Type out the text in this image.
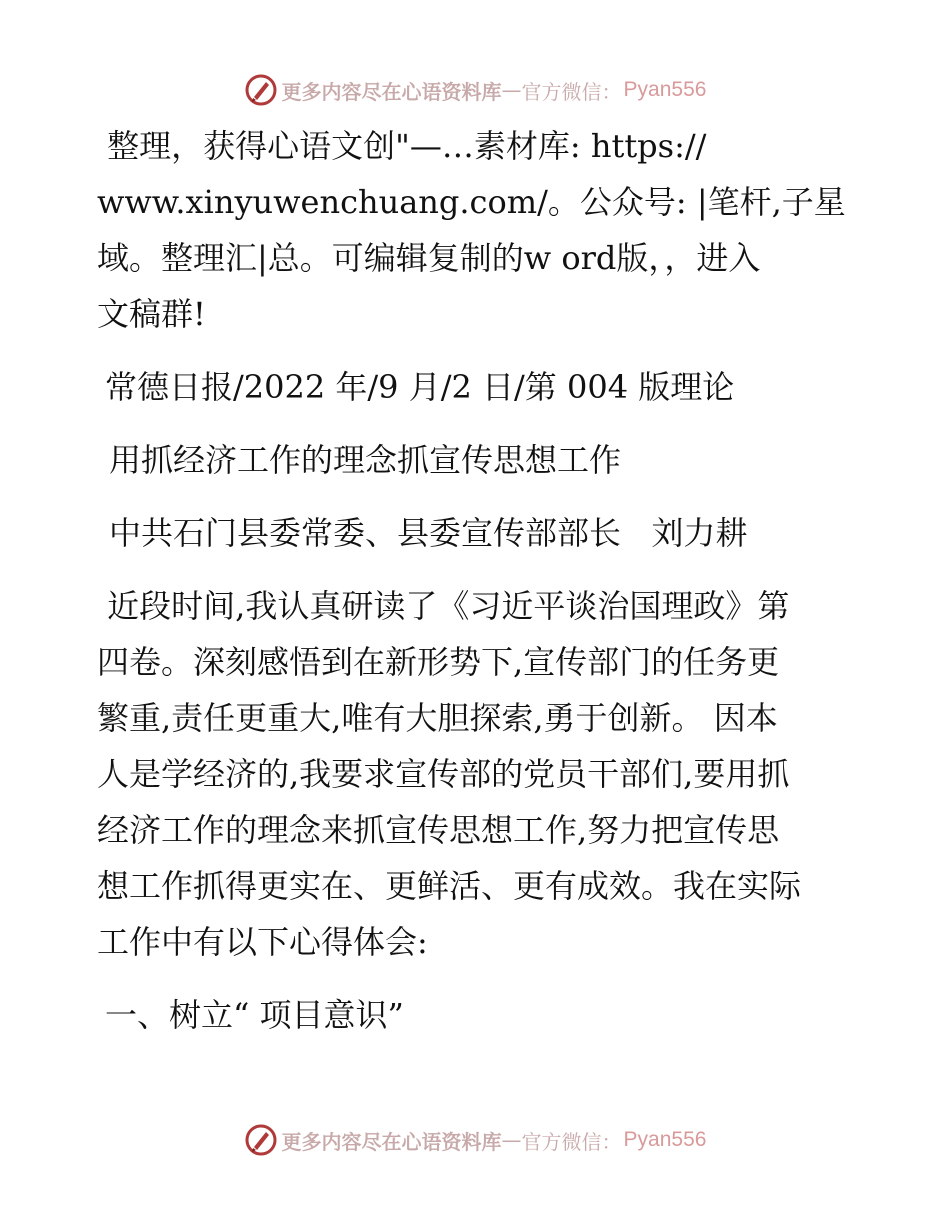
更多内容尽在心语资料库 — 官方微信： Pyan556
整理，获得心语文创"—…素材库: https://
www.xinyuwenchuang.com/。公众号: |笔杆,子星
域。整理汇|总。可编辑复制的w ord版，，进入
文稿群!
常德日报/2022 年/9 月/2 日/第 004 版理论
用抓经济工作的理念抓宣传思想工作
中共石门县委常委、县委宣传部部长   刘力耕
近段时间,我认真研读了《习近平谈治国理政》第
四卷。深刻感悟到在新形势下,宣传部门的任务更
繁重,责任更重大,唯有大胆探索,勇于创新。 因本
人是学经济的,我要求宣传部的党员干部们,要用抓
经济工作的理念来抓宣传思想工作,努力把宣传思
想工作抓得更实在、更鲜活、更有成效。我在实际
工作中有以下心得体会:
一、树立“ 项目意识”
更多内容尽在心语资料库 — 官方微信： Pyan556
